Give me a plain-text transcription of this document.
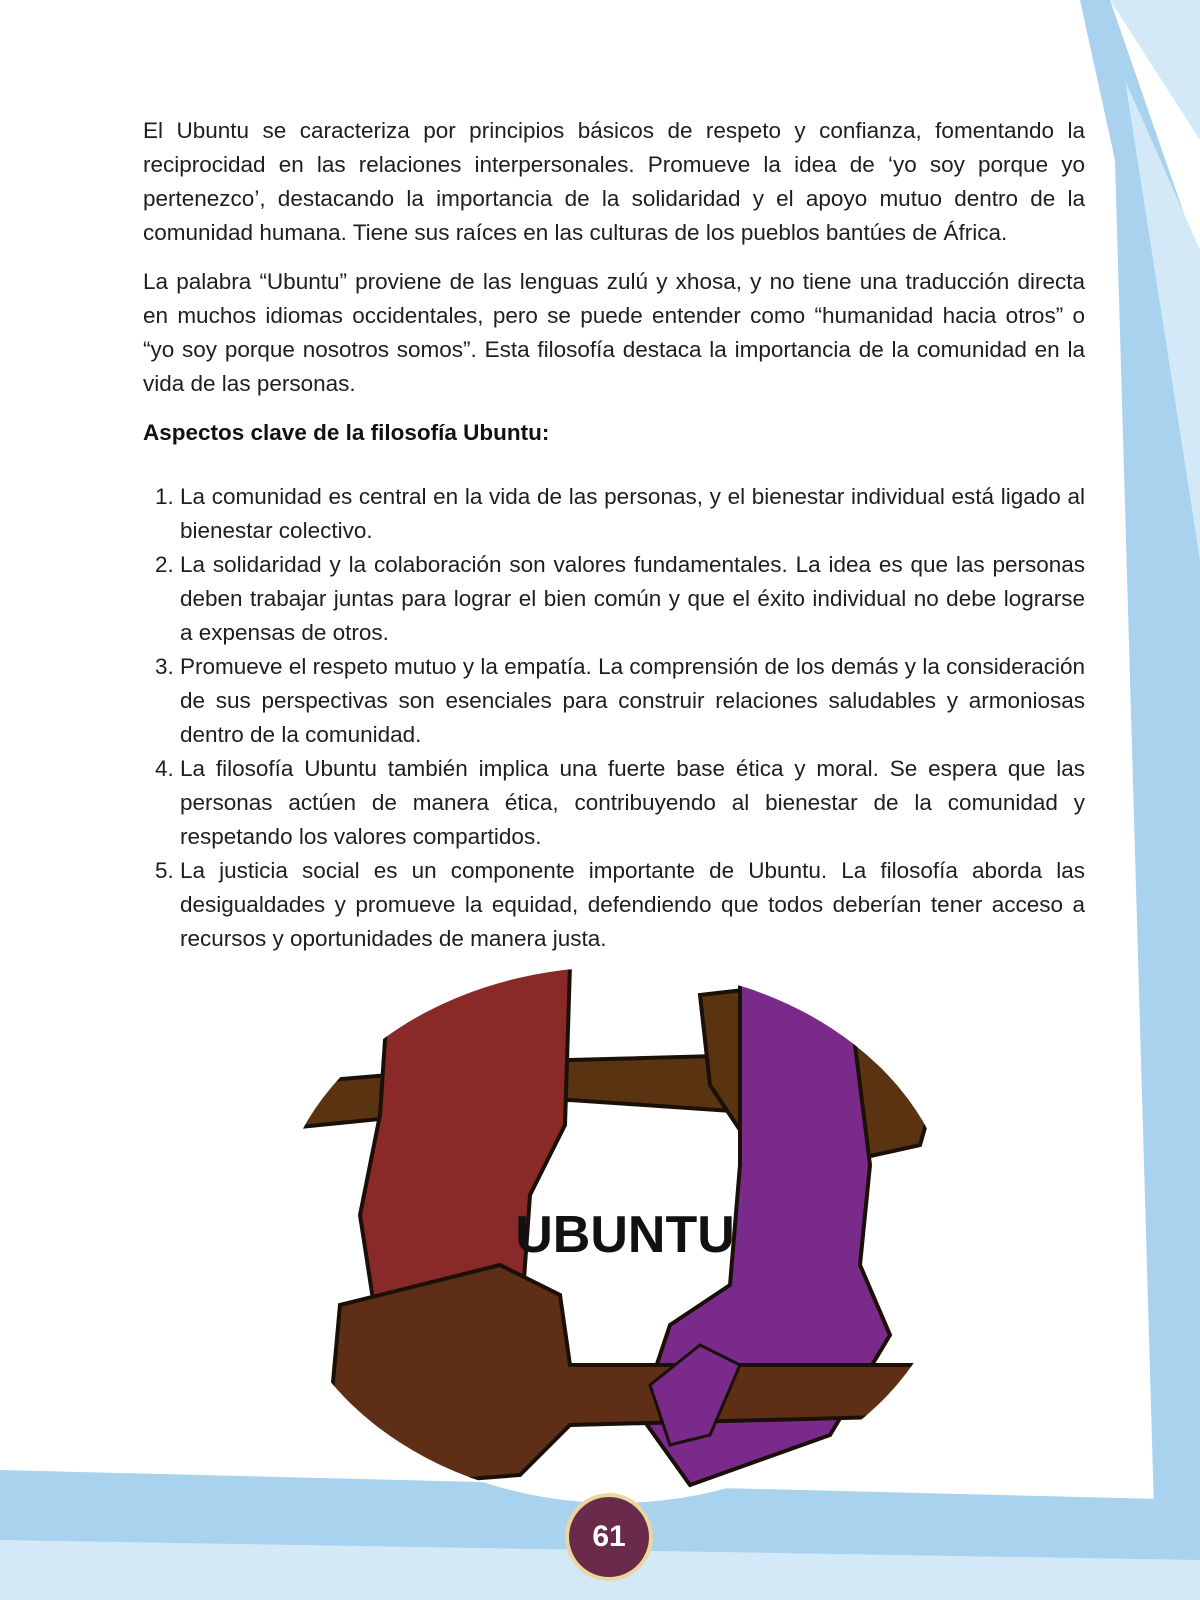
El Ubuntu se caracteriza por principios básicos de respeto y confianza, fomentando la reciprocidad en las relaciones interpersonales. Promueve la idea de ‘yo soy porque yo pertenezco’, destacando la importancia de la solidaridad y el apoyo mutuo dentro de la comunidad humana. Tiene sus raíces en las culturas de los pueblos bantúes de África.

La palabra “Ubuntu” proviene de las lenguas zulú y xhosa, y no tiene una traducción directa en muchos idiomas occidentales, pero se puede entender como “humanidad hacia otros” o “yo soy porque nosotros somos”. Esta filosofía destaca la importancia de la comunidad en la vida de las personas.

Aspectos clave de la filosofía Ubuntu:
1. La comunidad es central en la vida de las personas, y el bienestar individual está ligado al bienestar colectivo.
2. La solidaridad y la colaboración son valores fundamentales. La idea es que las personas deben trabajar juntas para lograr el bien común y que el éxito individual no debe lograrse a expensas de otros.
3. Promueve el respeto mutuo y la empatía. La comprensión de los demás y la consideración de sus perspectivas son esenciales para construir relaciones saludables y armoniosas dentro de la comunidad.
4. La filosofía Ubuntu también implica una fuerte base ética y moral. Se espera que las personas actúen de manera ética, contribuyendo al bienestar de la comunidad y respetando los valores compartidos.
5. La justicia social es un componente importante de Ubuntu. La filosofía aborda las desigualdades y promueve la equidad, defendiendo que todos deberían tener acceso a recursos y oportunidades de manera justa.
UBUNTU
61
